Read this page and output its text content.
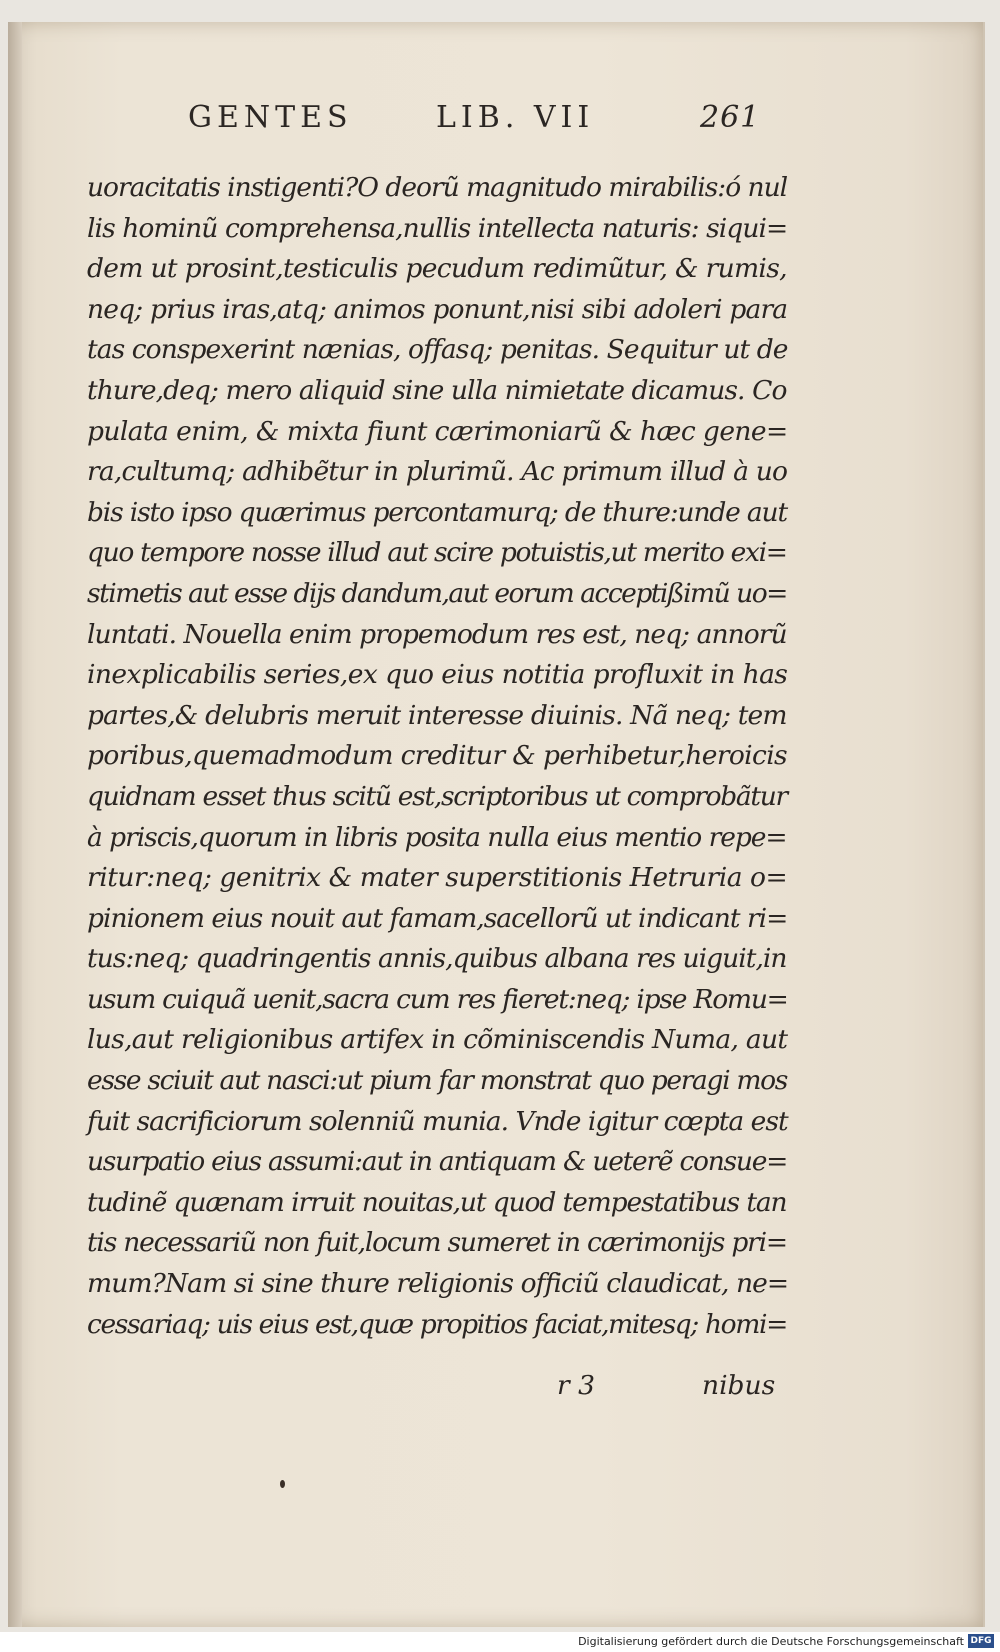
GENTES	LIB. VII	261
uoracitatis instigenti?O deorũ magnitudo mirabilis:ó nul
lis hominũ comprehensa,nullis intellecta naturis: siqui=
dem ut prosint,testiculis pecudum redimũtur, & rumis,
neq; prius iras,atq; animos ponunt,nisi sibi adoleri para
tas conspexerint nænias, offasq; penitas. Sequitur ut de
thure,deq; mero aliquid sine ulla nimietate dicamus. Co
pulata enim, & mixta fiunt cærimoniarũ & hæc gene=
ra,cultumq; adhibẽtur in plurimũ. Ac primum illud à uo
bis isto ipso quærimus percontamurq; de thure:unde aut
quo tempore nosse illud aut scire potuistis,ut merito exi=
stimetis aut esse dijs dandum,aut eorum acceptißimũ uo=
luntati. Nouella enim propemodum res est, neq; annorũ
inexplicabilis series,ex quo eius notitia profluxit in has
partes,& delubris meruit interesse diuinis. Nã neq; tem
poribus,quemadmodum creditur & perhibetur,heroicis
quidnam esset thus scitũ est,scriptoribus ut comprobãtur
à priscis,quorum in libris posita nulla eius mentio repe=
ritur:neq; genitrix & mater superstitionis Hetruria o=
pinionem eius nouit aut famam,sacellorũ ut indicant ri=
tus:neq; quadringentis annis,quibus albana res uiguit,in
usum cuiquã uenit,sacra cum res fieret:neq; ipse Romu=
lus,aut religionibus artifex in cõminiscendis Numa, aut
esse sciuit aut nasci:ut pium far monstrat quo peragi mos
fuit sacrificiorum solenniũ munia. Vnde igitur cœpta est
usurpatio eius assumi:aut in antiquam & ueterẽ consue=
tudinẽ quænam irruit nouitas,ut quod tempestatibus tan
tis necessariũ non fuit,locum sumeret in cærimonijs pri=
mum?Nam si sine thure religionis officiũ claudicat, ne=
cessariaq; uis eius est,quæ propitios faciat,mitesq; homi=
r 3	nibus
Digitalisierung gefördert durch die Deutsche Forschungsgemeinschaft DFG
